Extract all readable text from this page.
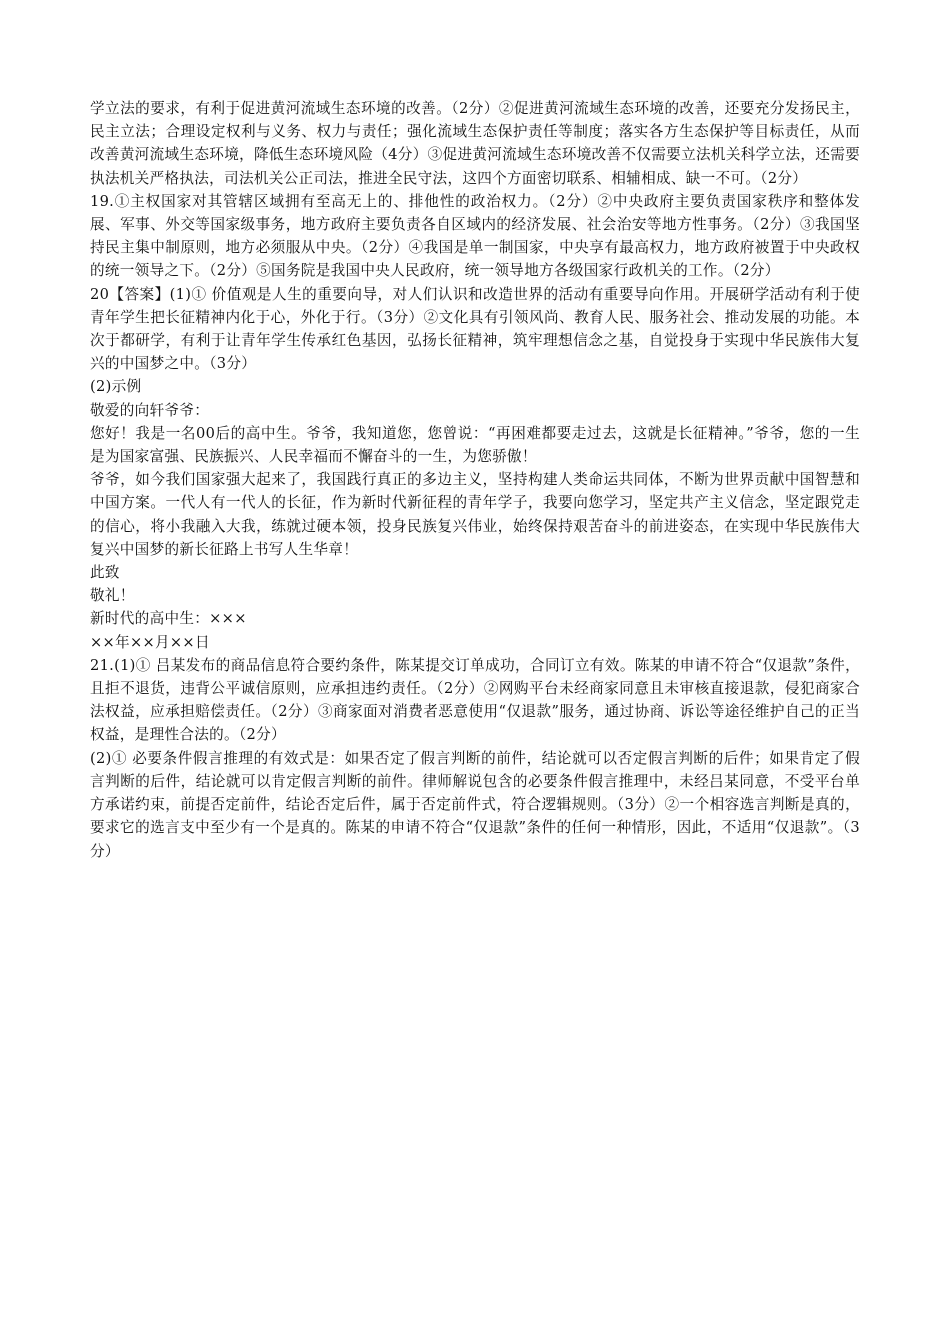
学立法的要求，有利于促进黄河流域生态环境的改善。（2分）②促进黄河流域生态环境的改善，还要充分发扬民主，民主立法；合理设定权利与义务、权力与责任；强化流域生态保护责任等制度；落实各方生态保护等目标责任，从而改善黄河流域生态环境，降低生态环境风险（4分）③促进黄河流域生态环境改善不仅需要立法机关科学立法，还需要执法机关严格执法，司法机关公正司法，推进全民守法，这四个方面密切联系、相辅相成、缺一不可。（2分）

19.①主权国家对其管辖区域拥有至高无上的、排他性的政治权力。（2分）②中央政府主要负责国家秩序和整体发展、军事、外交等国家级事务，地方政府主要负责各自区域内的经济发展、社会治安等地方性事务。（2分）③我国坚持民主集中制原则，地方必须服从中央。（2分）④我国是单一制国家，中央享有最高权力，地方政府被置于中央政权的统一领导之下。（2分）⑤国务院是我国中央人民政府，统一领导地方各级国家行政机关的工作。（2分）

20【答案】(1)① 价值观是人生的重要向导，对人们认识和改造世界的活动有重要导向作用。开展研学活动有利于使青年学生把长征精神内化于心，外化于行。（3分）②文化具有引领风尚、教育人民、服务社会、推动发展的功能。本次于都研学，有利于让青年学生传承红色基因，弘扬长征精神，筑牢理想信念之基，自觉投身于实现中华民族伟大复兴的中国梦之中。（3分）

(2)示例

敬爱的向轩爷爷：

您好！我是一名00后的高中生。爷爷，我知道您，您曾说：“再困难都要走过去，这就是长征精神。”爷爷，您的一生是为国家富强、民族振兴、人民幸福而不懈奋斗的一生，为您骄傲！

爷爷，如今我们国家强大起来了，我国践行真正的多边主义，坚持构建人类命运共同体，不断为世界贡献中国智慧和中国方案。一代人有一代人的长征，作为新时代新征程的青年学子，我要向您学习，坚定共产主义信念，坚定跟党走的信心，将小我融入大我，练就过硬本领，投身民族复兴伟业，始终保持艰苦奋斗的前进姿态，在实现中华民族伟大复兴中国梦的新长征路上书写人生华章！

此致

敬礼！

新时代的高中生：×××

××年××月××日

21.(1)① 吕某发布的商品信息符合要约条件，陈某提交订单成功，合同订立有效。陈某的申请不符合“仅退款”条件，且拒不退货，违背公平诚信原则，应承担违约责任。（2分）②网购平台未经商家同意且未审核直接退款，侵犯商家合法权益，应承担赔偿责任。（2分）③商家面对消费者恶意使用“仅退款”服务，通过协商、诉讼等途径维护自己的正当权益，是理性合法的。（2分）

(2)① 必要条件假言推理的有效式是：如果否定了假言判断的前件，结论就可以否定假言判断的后件；如果肯定了假言判断的后件，结论就可以肯定假言判断的前件。律师解说包含的必要条件假言推理中，未经吕某同意，不受平台单方承诺约束，前提否定前件，结论否定后件，属于否定前件式，符合逻辑规则。（3分）②一个相容选言判断是真的，要求它的选言支中至少有一个是真的。陈某的申请不符合“仅退款”条件的任何一种情形，因此，不适用“仅退款”。（3分）
